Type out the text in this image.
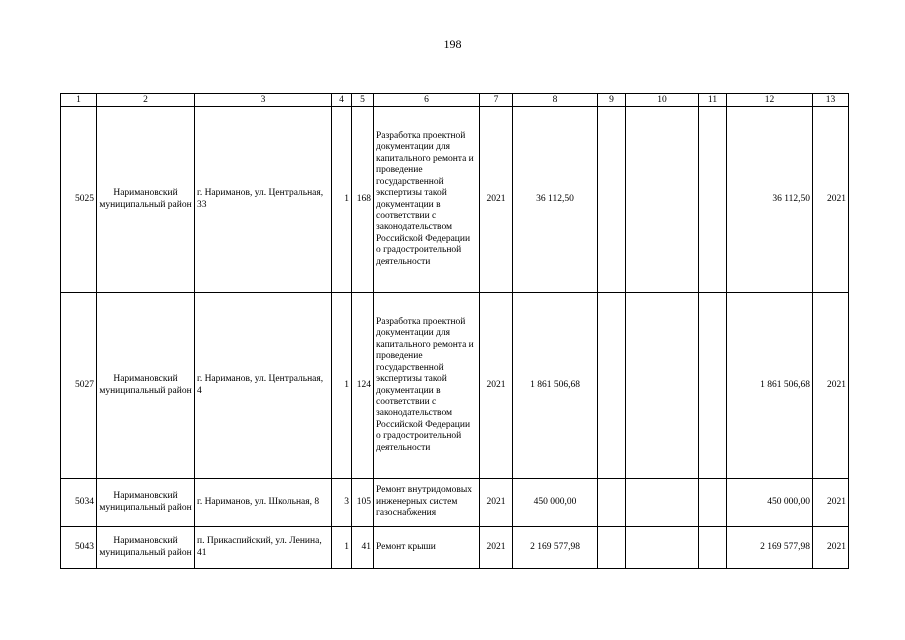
198
1	2	3	4	5	6	7	8	9	10	11	12	13
5025	Наримановский муниципальный район	г. Нариманов, ул. Центральная, 33	1	168	Разработка проектной документации для капитального ремонта и проведение государственной экспертизы такой документации в соответствии с законодательством Российской Федерации о градостроительной деятельности	2021	36 112,50				36 112,50	2021
5027	Наримановский муниципальный район	г. Нариманов, ул. Центральная, 4	1	124	Разработка проектной документации для капитального ремонта и проведение государственной экспертизы такой документации в соответствии с законодательством Российской Федерации о градостроительной деятельности	2021	1 861 506,68				1 861 506,68	2021
5034	Наримановский муниципальный район	г. Нариманов, ул. Школьная, 8	3	105	Ремонт внутридомовых инженерных систем газоснабжения	2021	450 000,00				450 000,00	2021
5043	Наримановский муниципальный район	п. Прикаспийский, ул. Ленина, 41	1	41	Ремонт крыши	2021	2 169 577,98				2 169 577,98	2021
